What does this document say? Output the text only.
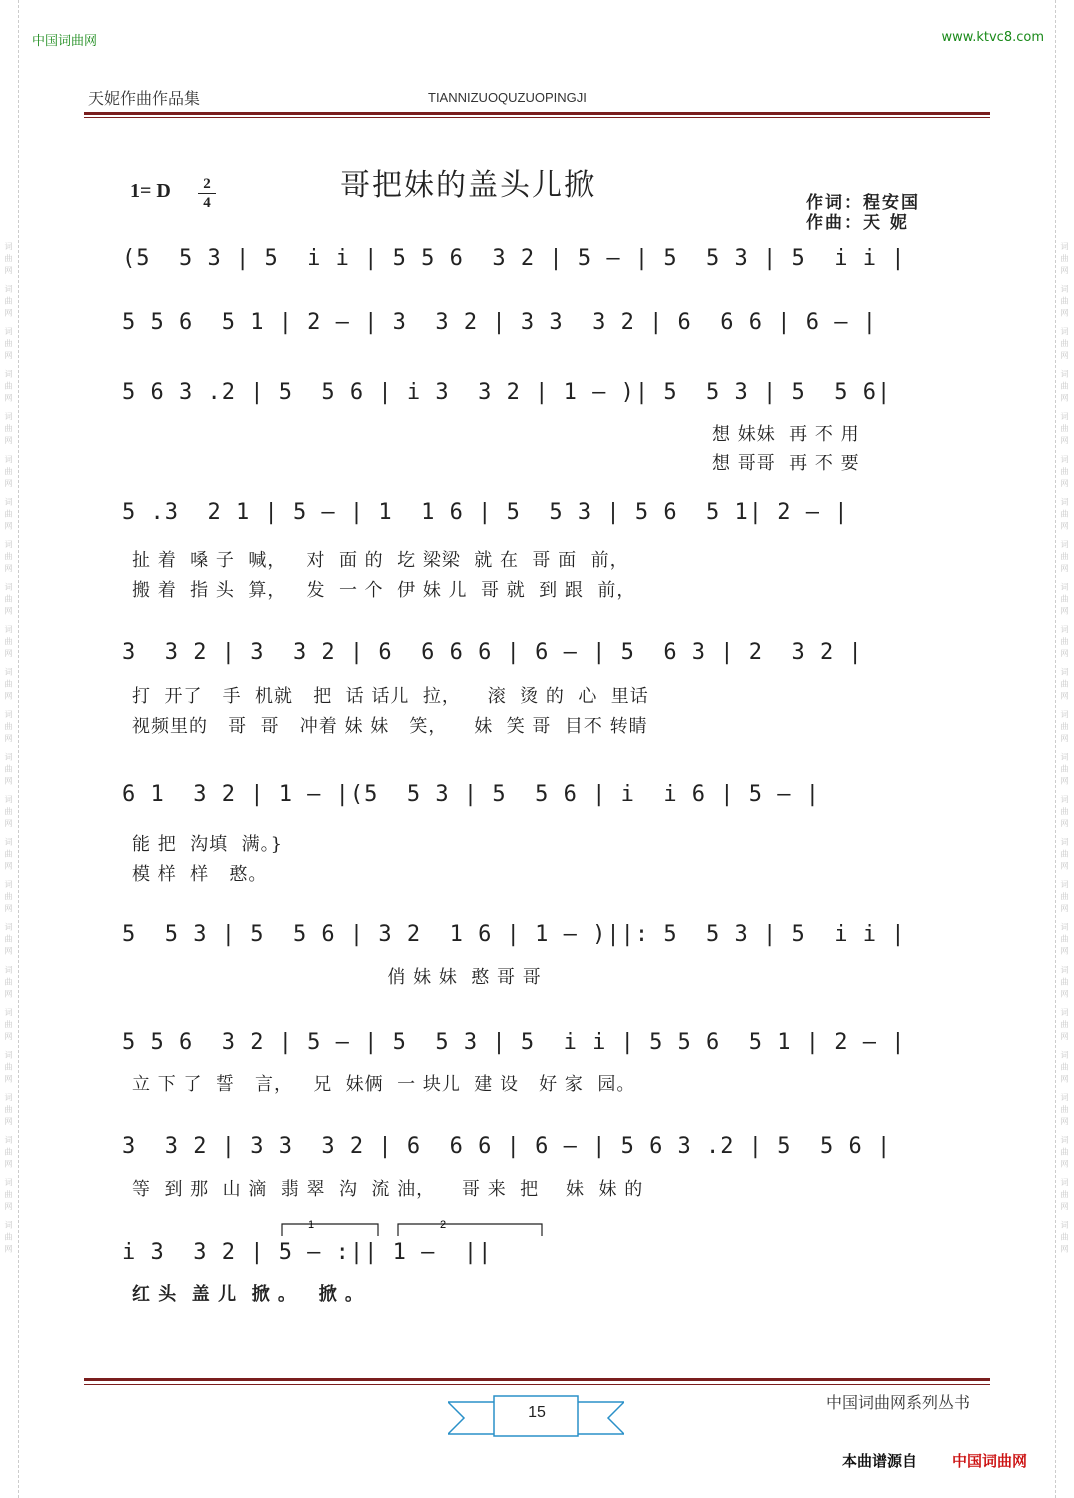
词曲网 词曲网 词曲网 词曲网 词曲网 词曲网 词曲网 词曲网 词曲网 词曲网 词曲网 词曲网 词曲网 词曲网 词曲网 词曲网 词曲网 词曲网 词曲网 词曲网 词曲网 词曲网 词曲网 词曲网	词曲网 词曲网 词曲网 词曲网 词曲网 词曲网 词曲网 词曲网 词曲网 词曲网 词曲网 词曲网 词曲网 词曲网 词曲网 词曲网 词曲网 词曲网 词曲网 词曲网 词曲网 词曲网 词曲网 词曲网
中国词曲网	www.ktvc8.com
天妮作曲作品集	TIANNIZUOQUZUOPINGJI
1= D	2
4	哥把妹的盖头儿掀	作词：程安国
作曲：天 妮
(5  5 3 | 5  i i | 5 5 6  3 2 | 5 — | 5  5 3 | 5  i i |
5 5 6  5 1 | 2 — | 3  3 2 | 3 3  3 2 | 6  6 6 | 6 — |
5 6 3 .2 | 5  5 6 | i 3  3 2 | 1 — )| 5  5 3 | 5  5 6|
想 妹妹  再 不 用
想 哥哥  再 不 要
5 .3  2 1 | 5 — | 1  1 6 | 5  5 3 | 5 6  5 1| 2 — |
扯 着  嗓 子  喊，   对  面 的  圪 梁梁  就 在  哥 面  前，
搬 着  指 头  算，   发  一 个  伊 妹 儿  哥 就  到 跟  前，
3  3 2 | 3  3 2 | 6  6 6 6 | 6 — | 5  6 3 | 2  3 2 |
打  开了   手  机就   把  话 话儿  拉，    滚  烫 的  心  里话
视频里的   哥  哥   冲着 妹 妹   笑，    妹  笑 哥  目不 转睛
6 1  3 2 | 1 — |(5  5 3 | 5  5 6 | i  i 6 | 5 — |
能 把  沟填  满。}
模 样  样   憨。
5  5 3 | 5  5 6 | 3 2  1 6 | 1 — )||: 5  5 3 | 5  i i |
俏 妹 妹  憨 哥 哥
5 5 6  3 2 | 5 — | 5  5 3 | 5  i i | 5 5 6  5 1 | 2 — |
立 下 了  誓   言，   兄  妹俩  一 块儿  建 设   好 家  园。
3  3 2 | 3 3  3 2 | 6  6 6 | 6 — | 5 6 3 .2 | 5  5 6 |
等  到 那  山 滴  翡 翠  沟  流 油，    哥 来  把    妹  妹 的
1	2
i 3  3 2 | 5 — :|| 1 —  ||
红 头  盖 儿  掀 。   掀 。
中国词曲网系列丛书
15
本曲谱源自 中国词曲网
